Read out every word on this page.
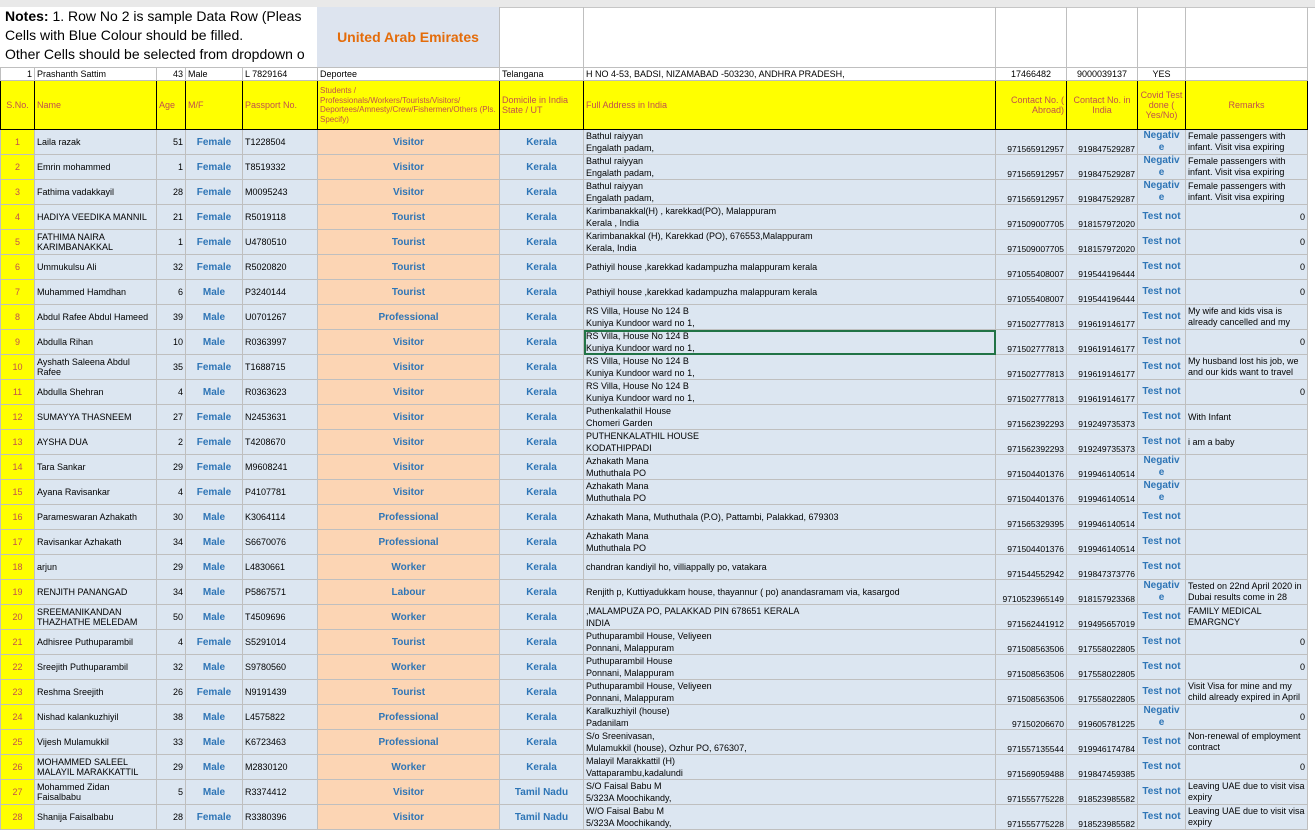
Notes: 1. Row No 2 is sample Data Row (Pleas
Cells with Blue Colour should be filled.
Other Cells should be selected from dropdown o
United Arab Emirates
1	Prashanth Sattim	43	Male	L 7829164	Deportee	Telangana	H NO 4-53, BADSI, NIZAMABAD -503230, ANDHRA PRADESH,	17466482	9000039137	YES	
S.No.	Name	Age	M/F	Passport No.	Students / Professionals/Workers/Tourists/Visitors/ Deportees/Amnesty/Crew/Fishermen/Others (Pls. Specify)	Domicile in India State / UT	Full Address in India	Contact No. ( Abroad)	Contact No. in India	Covid Test done ( Yes/No)	Remarks
1	Laila razak	51	Female	T1228504	Visitor	Kerala	Bathul raiyyan
Engalath padam,	971565912957	919847529287	Negativ e	Female passengers with infant. Visit visa expiring
2	Emrin mohammed	1	Female	T8519332	Visitor	Kerala	Bathul raiyyan
Engalath padam,	971565912957	919847529287	Negativ e	Female passengers with infant. Visit visa expiring
3	Fathima vadakkayil	28	Female	M0095243	Visitor	Kerala	Bathul raiyyan
Engalath padam,	971565912957	919847529287	Negativ e	Female passengers with infant. Visit visa expiring
4	HADIYA VEEDIKA MANNIL	21	Female	R5019118	Tourist	Kerala	Karimbanakkal(H) , karekkad(PO), Malappuram
Kerala , India	971509007705	918157972020	Test not	0
5	FATHIMA NAIRA KARIMBANAKKAL	1	Female	U4780510	Tourist	Kerala	Karimbanakkal (H), Karekkad (PO), 676553,Malappuram
Kerala, India	971509007705	918157972020	Test not	0
6	Ummukulsu Ali	32	Female	R5020820	Tourist	Kerala	Pathiyil house ,karekkad kadampuzha malappuram kerala	971055408007	919544196444	Test not	0
7	Muhammed Hamdhan	6	Male	P3240144	Tourist	Kerala	Pathiyil house ,karekkad kadampuzha malappuram kerala	971055408007	919544196444	Test not	0
8	Abdul Rafee Abdul Hameed	39	Male	U0701267	Professional	Kerala	RS Villa, House No 124 B
Kuniya Kundoor ward no 1,	971502777813	919619146177	Test not	My wife and kids visa is already cancelled and my
9	Abdulla Rihan	10	Male	R0363997	Visitor	Kerala	RS Villa, House No 124 B
Kuniya Kundoor ward no 1,	971502777813	919619146177	Test not	0
10	Ayshath Saleena Abdul Rafee	35	Female	T1688715	Visitor	Kerala	RS Villa, House No 124 B
Kuniya Kundoor ward no 1,	971502777813	919619146177	Test not	My husband lost his job, we and our kids want to travel
11	Abdulla Shehran	4	Male	R0363623	Visitor	Kerala	RS Villa, House No 124 B
Kuniya Kundoor ward no 1,	971502777813	919619146177	Test not	0
12	SUMAYYA THASNEEM	27	Female	N2453631	Visitor	Kerala	Puthenkalathil House
Chomeri Garden	971562392293	919249735373	Test not	With Infant
13	AYSHA DUA	2	Female	T4208670	Visitor	Kerala	PUTHENKALATHIL HOUSE
KODATHIPPADI	971562392293	919249735373	Test not	i am a baby
14	Tara Sankar	29	Female	M9608241	Visitor	Kerala	Azhakath Mana
Muthuthala PO	971504401376	919946140514	Negativ e	
15	Ayana Ravisankar	4	Female	P4107781	Visitor	Kerala	Azhakath Mana
Muthuthala PO	971504401376	919946140514	Negativ e	
16	Parameswaran Azhakath	30	Male	K3064114	Professional	Kerala	Azhakath Mana, Muthuthala (P.O), Pattambi, Palakkad, 679303	971565329395	919946140514	Test not	
17	Ravisankar Azhakath	34	Male	S6670076	Professional	Kerala	Azhakath Mana
Muthuthala PO	971504401376	919946140514	Test not	
18	arjun	29	Male	L4830661	Worker	Kerala	chandran kandiyil ho, villiappally po, vatakara	971544552942	919847373776	Test not	
19	RENJITH PANANGAD	34	Male	P5867571	Labour	Kerala	Renjith p, Kuttiyadukkam house, thayannur ( po) anandasramam via, kasargod	9710523965149	918157923368	Negativ e	Tested on 22nd April 2020 in Dubai results come in 28
20	SREEMANIKANDAN THAZHATHE MELEDAM	50	Male	T4509696	Worker	Kerala	,MALAMPUZA PO, PALAKKAD PIN 678651 KERALA
INDIA	971562441912	919495657019	Test not	FAMILY MEDICAL EMARGNCY
21	Adhisree Puthuparambil	4	Female	S5291014	Tourist	Kerala	Puthuparambil House, Veliyeen
Ponnani, Malappuram	971508563506	917558022805	Test not	0
22	Sreejith Puthuparambil	32	Male	S9780560	Worker	Kerala	Puthuparambil House
Ponnani, Malappuram	971508563506	917558022805	Test not	0
23	Reshma Sreejith	26	Female	N9191439	Tourist	Kerala	Puthuparambil House, Veliyeen
Ponnani, Malappuram	971508563506	917558022805	Test not	Visit Visa for mine and my child already expired in April
24	Nishad kalankuzhiyil	38	Male	L4575822	Professional	Kerala	Karalkuzhiyil (house)
Padanilam	97150206670	919605781225	Negativ e	0
25	Vijesh Mulamukkil	33	Male	K6723463	Professional	Kerala	S/o Sreenivasan,
Mulamukkil (house), Ozhur PO, 676307,	971557135544	919946174784	Test not	Non-renewal of employment contract
26	MOHAMMED SALEEL MALAYIL MARAKKATTIL	29	Male	M2830120	Worker	Kerala	Malayil Marakkattil (H)
Vattaparambu,kadalundi	971569059488	919847459385	Test not	0
27	Mohammed Zidan Faisalbabu	5	Male	R3374412	Visitor	Tamil Nadu	S/O Faisal Babu M
5/323A Moochikandy,	971555775228	918523985582	Test not	Leaving UAE due to visit visa expiry
28	Shanija Faisalbabu	28	Female	R3380396	Visitor	Tamil Nadu	W/O Faisal Babu M
5/323A Moochikandy,	971555775228	918523985582	Test not	Leaving UAE due to visit visa expiry
